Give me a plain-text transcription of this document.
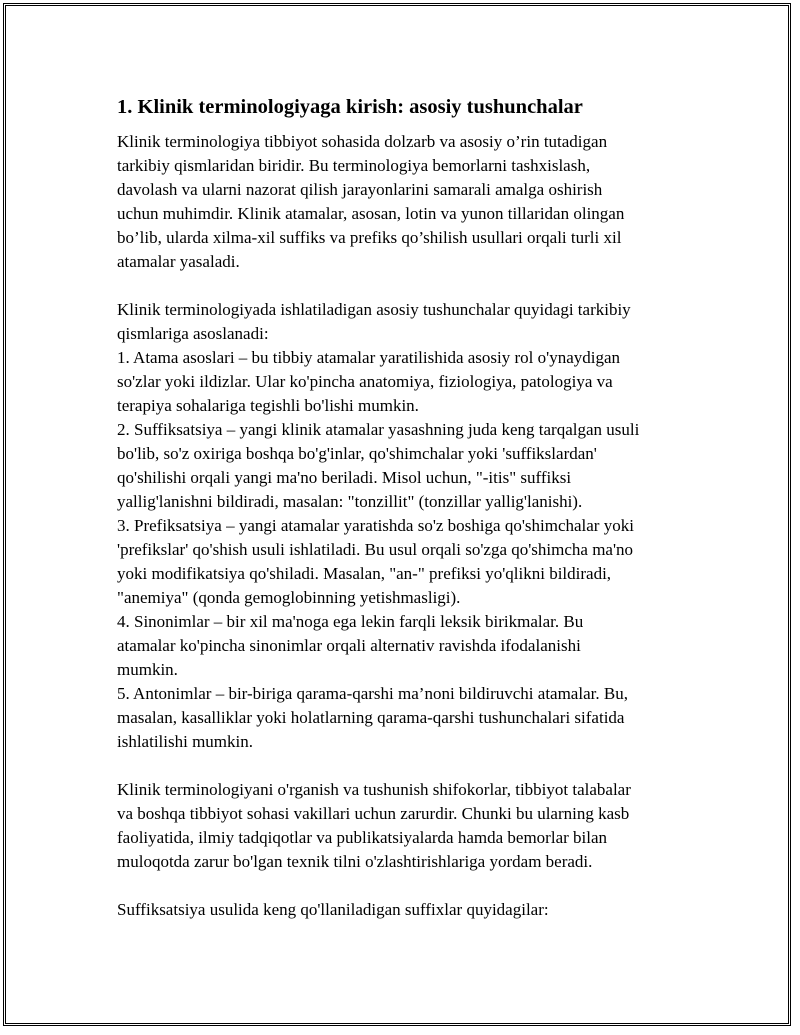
1. Klinik terminologiyaga kirish: asosiy tushunchalar
Klinik terminologiya tibbiyot sohasida dolzarb va asosiy o’rin tutadigan
tarkibiy qismlaridan biridir. Bu terminologiya bemorlarni tashxislash,
davolash va ularni nazorat qilish jarayonlarini samarali amalga oshirish
uchun muhimdir. Klinik atamalar, asosan, lotin va yunon tillaridan olingan
bo’lib, ularda xilma-xil suffiks va prefiks qo’shilish usullari orqali turli xil
atamalar yasaladi.
Klinik terminologiyada ishlatiladigan asosiy tushunchalar quyidagi tarkibiy
qismlariga asoslanadi:
1. Atama asoslari – bu tibbiy atamalar yaratilishida asosiy rol o'ynaydigan
so'zlar yoki ildizlar. Ular ko'pincha anatomiya, fiziologiya, patologiya va
terapiya sohalariga tegishli bo'lishi mumkin.
2. Suffiksatsiya – yangi klinik atamalar yasashning juda keng tarqalgan usuli
bo'lib, so'z oxiriga boshqa bo'g'inlar, qo'shimchalar yoki 'suffikslardan'
qo'shilishi orqali yangi ma'no beriladi. Misol uchun, "-itis" suffiksi
yallig'lanishni bildiradi, masalan: "tonzillit" (tonzillar yallig'lanishi).
3. Prefiksatsiya – yangi atamalar yaratishda so'z boshiga qo'shimchalar yoki
'prefikslar' qo'shish usuli ishlatiladi. Bu usul orqali so'zga qo'shimcha ma'no
yoki modifikatsiya qo'shiladi. Masalan, "an-" prefiksi yo'qlikni bildiradi,
"anemiya" (qonda gemoglobinning yetishmasligi).
4. Sinonimlar – bir xil ma'noga ega lekin farqli leksik birikmalar. Bu
atamalar ko'pincha sinonimlar orqali alternativ ravishda ifodalanishi
mumkin.
5. Antonimlar – bir-biriga qarama-qarshi ma’noni bildiruvchi atamalar. Bu,
masalan, kasalliklar yoki holatlarning qarama-qarshi tushunchalari sifatida
ishlatilishi mumkin.
Klinik terminologiyani o'rganish va tushunish shifokorlar, tibbiyot talabalar
va boshqa tibbiyot sohasi vakillari uchun zarurdir. Chunki bu ularning kasb
faoliyatida, ilmiy tadqiqotlar va publikatsiyalarda hamda bemorlar bilan
muloqotda zarur bo'lgan texnik tilni o'zlashtirishlariga yordam beradi.
Suffiksatsiya usulida keng qo'llaniladigan suffixlar quyidagilar:
